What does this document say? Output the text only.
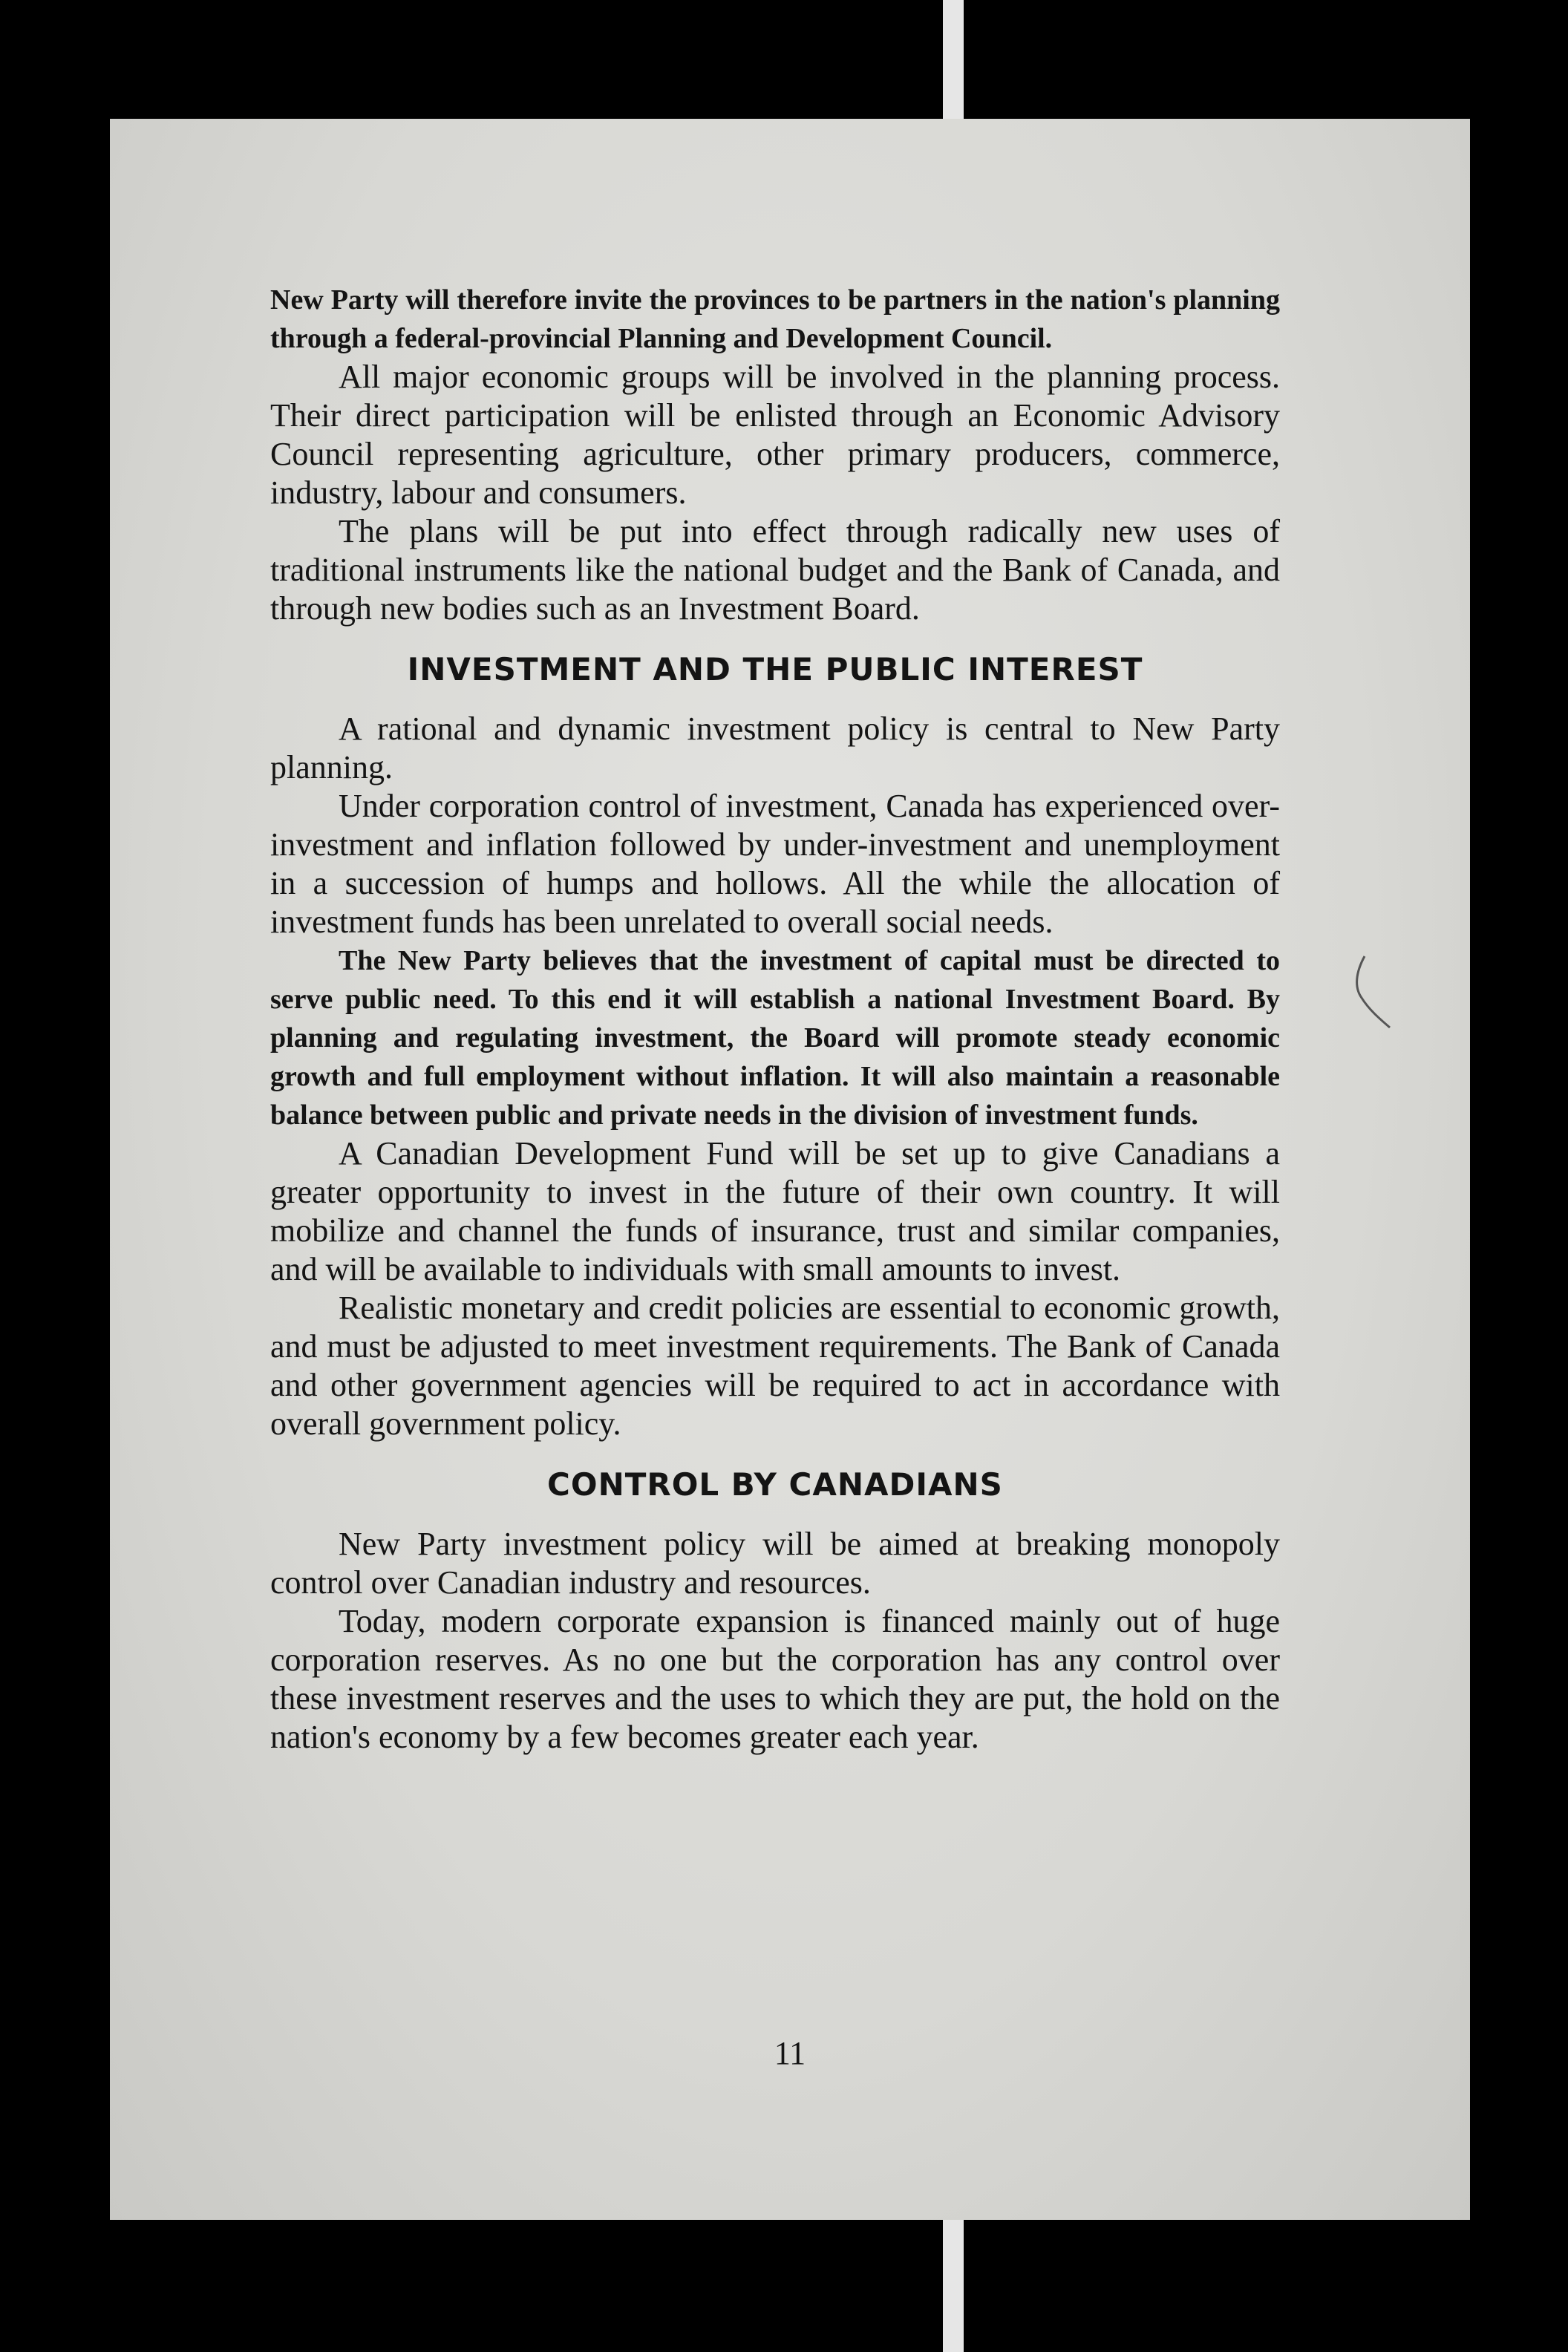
New Party will therefore invite the provinces to be partners in the nation's planning through a federal-provincial Planning and Development Council.

All major economic groups will be involved in the planning process. Their direct participation will be enlisted through an Economic Advisory Council representing agriculture, other primary producers, commerce, industry, labour and consumers.

The plans will be put into effect through radically new uses of traditional instruments like the national budget and the Bank of Canada, and through new bodies such as an Investment Board.

INVESTMENT AND THE PUBLIC INTEREST

A rational and dynamic investment policy is central to New Party planning.

Under corporation control of investment, Canada has experienced over-investment and inflation followed by under-investment and unemployment in a succession of humps and hollows. All the while the allocation of investment funds has been unrelated to overall social needs.

The New Party believes that the investment of capital must be directed to serve public need. To this end it will establish a national Investment Board. By planning and regulating investment, the Board will promote steady economic growth and full employment without inflation. It will also maintain a reasonable balance between public and private needs in the division of investment funds.

A Canadian Development Fund will be set up to give Canadians a greater opportunity to invest in the future of their own country. It will mobilize and channel the funds of insurance, trust and similar companies, and will be available to individuals with small amounts to invest.

Realistic monetary and credit policies are essential to economic growth, and must be adjusted to meet investment requirements. The Bank of Canada and other government agencies will be required to act in accordance with overall government policy.

CONTROL BY CANADIANS

New Party investment policy will be aimed at breaking monopoly control over Canadian industry and resources.

Today, modern corporate expansion is financed mainly out of huge corporation reserves. As no one but the corporation has any control over these investment reserves and the uses to which they are put, the hold on the nation's economy by a few becomes greater each year.

11
